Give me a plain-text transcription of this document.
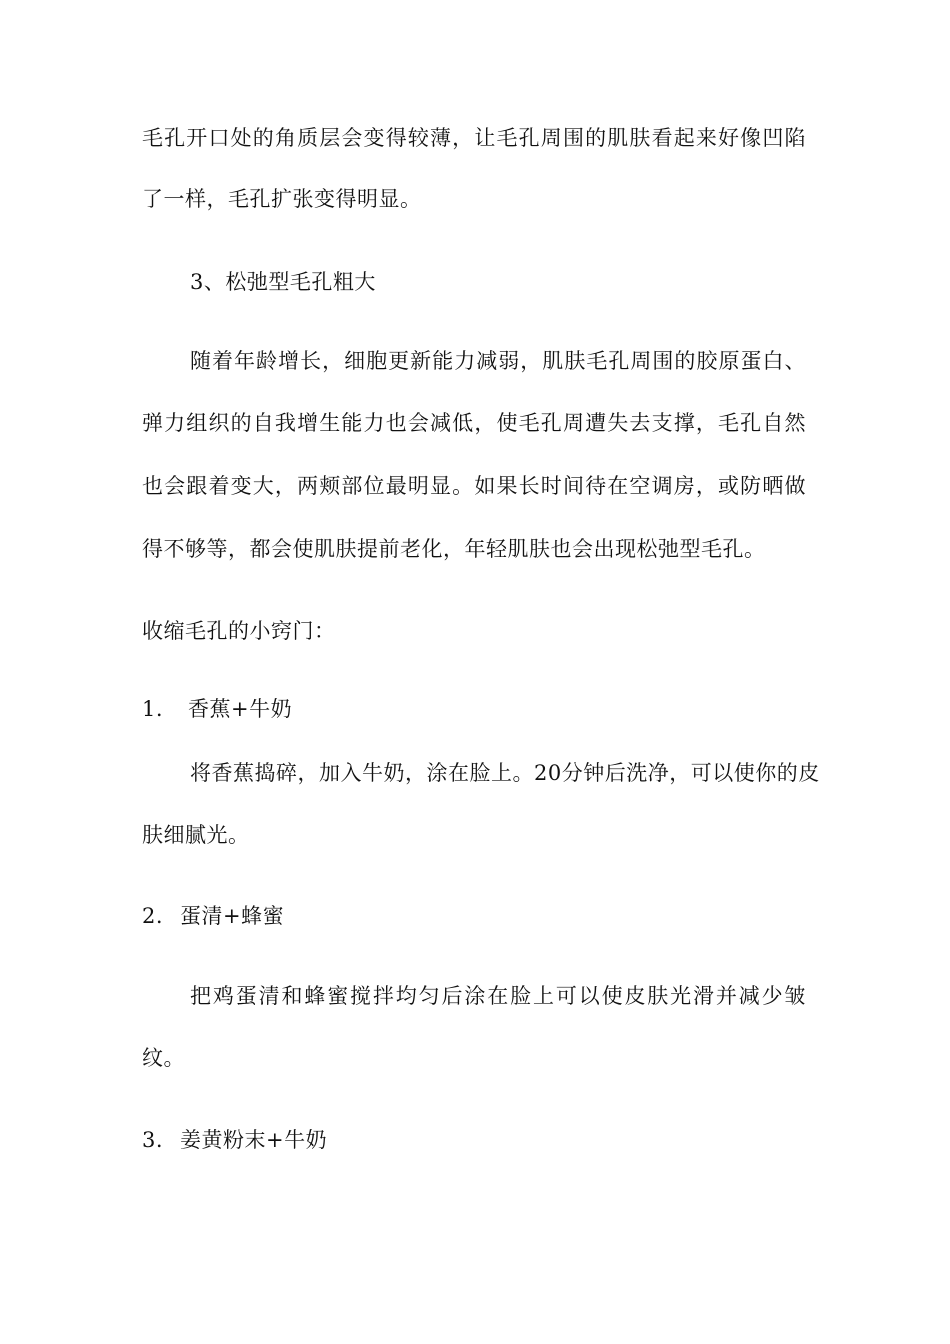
毛孔开口处的角质层会变得较薄，让毛孔周围的肌肤看起来好像凹陷
了一样，毛孔扩张变得明显。
3、松弛型毛孔粗大
随着年龄增长，细胞更新能力减弱，肌肤毛孔周围的胶原蛋白、
弹力组织的自我增生能力也会减低，使毛孔周遭失去支撑，毛孔自然
也会跟着变大，两颊部位最明显。如果长时间待在空调房，或防晒做
得不够等，都会使肌肤提前老化，年轻肌肤也会出现松弛型毛孔。
收缩毛孔的小窍门：
1. 香蕉+牛奶
将香蕉捣碎，加入牛奶，涂在脸上。20分钟后洗净，可以使你的皮
肤细腻光。
2. 蛋清+蜂蜜
把鸡蛋清和蜂蜜搅拌均匀后涂在脸上可以使皮肤光滑并减少皱
纹。
3. 姜黄粉末+牛奶
